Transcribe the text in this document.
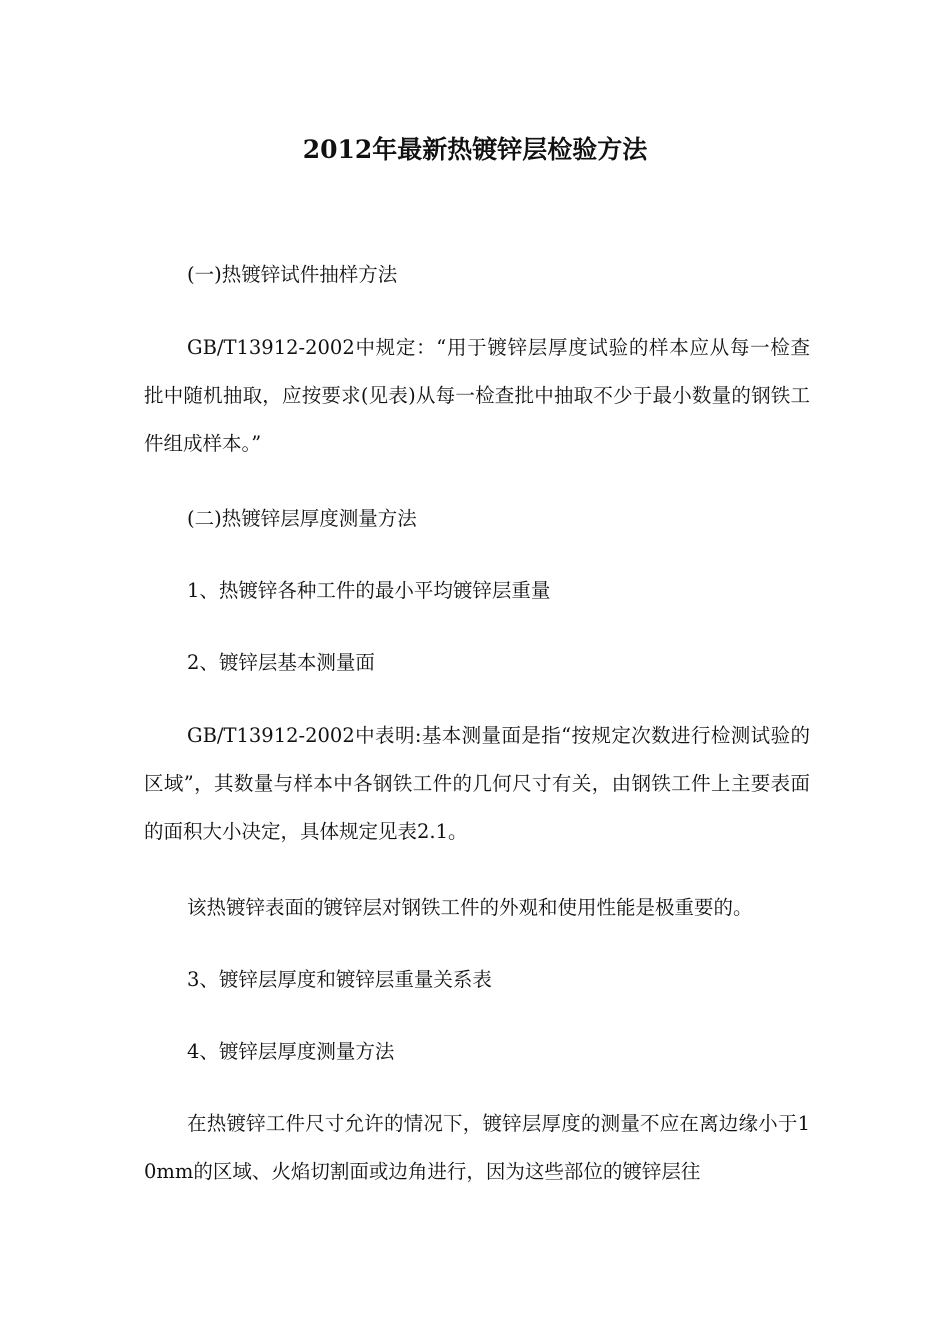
2012年最新热镀锌层检验方法
(一)热镀锌试件抽样方法
GB/T13912-2002中规定：“用于镀锌层厚度试验的样本应从每一检查批中随机抽取，应按要求(见表)从每一检查批中抽取不少于最小数量的钢铁工件组成样本。”
(二)热镀锌层厚度测量方法
1、热镀锌各种工件的最小平均镀锌层重量
2、镀锌层基本测量面
GB/T13912-2002中表明:基本测量面是指“按规定次数进行检测试验的区域”，其数量与样本中各钢铁工件的几何尺寸有关，由钢铁工件上主要表面的面积大小决定，具体规定见表2.1。
该热镀锌表面的镀锌层对钢铁工件的外观和使用性能是极重要的。
3、镀锌层厚度和镀锌层重量关系表
4、镀锌层厚度测量方法
在热镀锌工件尺寸允许的情况下，镀锌层厚度的测量不应在离边缘小于10mm的区域、火焰切割面或边角进行，因为这些部位的镀锌层往
